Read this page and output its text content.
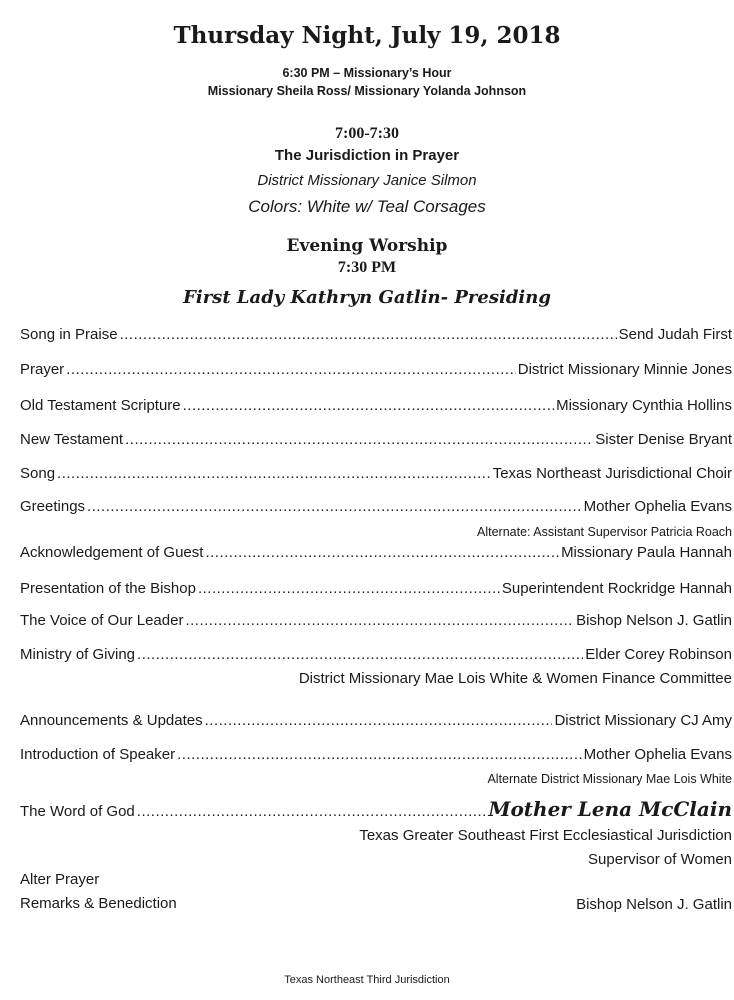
Thursday Night, July 19, 2018
6:30 PM – Missionary’s Hour
Missionary Sheila Ross/ Missionary Yolanda Johnson
7:00-7:30
The Jurisdiction in Prayer
District Missionary Janice Silmon
Colors: White w/ Teal Corsages
Evening Worship
7:30 PM
First Lady Kathryn Gatlin- Presiding
Song in Praise .....	Send Judah First
Prayer .....	District Missionary Minnie Jones
Old Testament Scripture .....	Missionary Cynthia Hollins
New Testament .....	Sister Denise Bryant
Song .....	Texas Northeast Jurisdictional Choir
Greetings .....	Mother Ophelia Evans
Alternate: Assistant Supervisor Patricia Roach
Acknowledgement of Guest .....	Missionary Paula Hannah
Presentation of the Bishop .....	Superintendent Rockridge Hannah
The Voice of Our Leader .....	Bishop Nelson J. Gatlin
Ministry of Giving .....	Elder Corey Robinson
District Missionary Mae Lois White & Women Finance Committee
Announcements & Updates .....	District Missionary CJ Amy
Introduction of Speaker .....	Mother Ophelia Evans
Alternate District Missionary Mae Lois White
The Word of God .....	Mother Lena McClain
Texas Greater Southeast First Ecclesiastical Jurisdiction
Supervisor of Women
Alter Prayer
Remarks & Benediction	Bishop Nelson J. Gatlin
Texas Northeast Third Jurisdiction
